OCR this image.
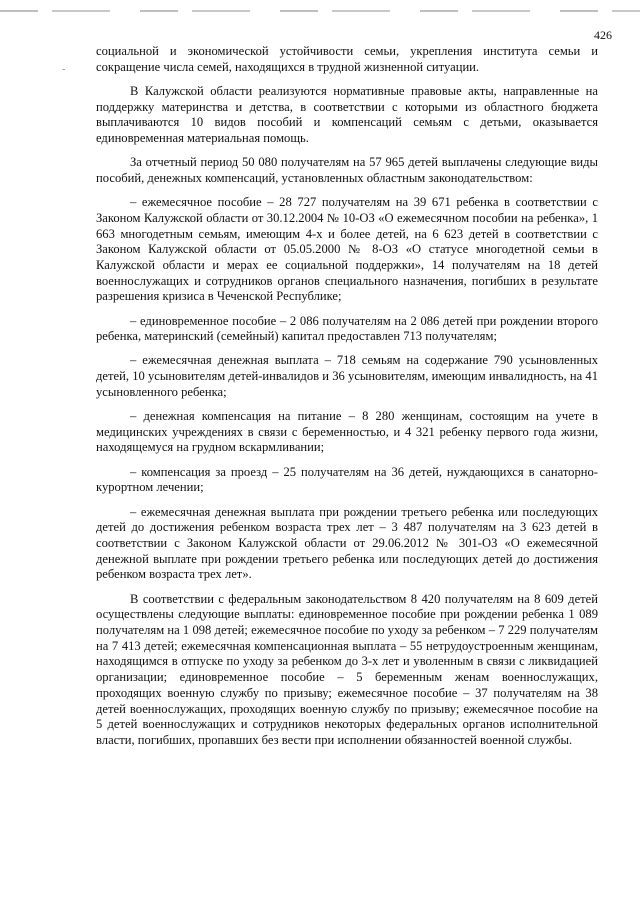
-
426

социальной и экономической устойчивости семьи, укрепления института семьи и сокращение числа семей, находящихся в трудной жизненной ситуации.

В Калужской области реализуются нормативные правовые акты, направленные на поддержку материнства и детства, в соответствии с которыми из областного бюджета выплачиваются 10 видов пособий и компенсаций семьям с детьми, оказывается единовременная материальная помощь.

За отчетный период 50 080 получателям на 57 965 детей выплачены следующие виды пособий, денежных компенсаций, установленных областным законодательством:

– ежемесячное пособие – 28 727 получателям на 39 671 ребенка в соответствии с Законом Калужской области от 30.12.2004 № 10-ОЗ «О ежемесячном пособии на ребенка», 1 663 многодетным семьям, имеющим 4-х и более детей, на 6 623 детей в соответствии с Законом Калужской области от 05.05.2000 № 8-ОЗ «О статусе многодетной семьи в Калужской области и мерах ее социальной поддержки», 14 получателям на 18 детей военнослужащих и сотрудников органов специального назначения, погибших в результате разрешения кризиса в Чеченской Республике;

– единовременное пособие – 2 086 получателям на 2 086 детей при рождении второго ребенка, материнский (семейный) капитал предоставлен 713 получателям;

– ежемесячная денежная выплата – 718 семьям на содержание 790 усыновленных детей, 10 усыновителям детей-инвалидов и 36 усыновителям, имеющим инвалидность, на 41 усыновленного ребенка;

– денежная компенсация на питание – 8 280 женщинам, состоящим на учете в медицинских учреждениях в связи с беременностью, и 4 321 ребенку первого года жизни, находящемуся на грудном вскармливании;

– компенсация за проезд – 25 получателям на 36 детей, нуждающихся в санаторно-курортном лечении;

– ежемесячная денежная выплата при рождении третьего ребенка или последующих детей до достижения ребенком возраста трех лет – 3 487 получателям на 3 623 детей в соответствии с Законом Калужской области от 29.06.2012 № 301-ОЗ «О ежемесячной денежной выплате при рождении третьего ребенка или последующих детей до достижения ребенком возраста трех лет».

В соответствии с федеральным законодательством 8 420 получателям на 8 609 детей осуществлены следующие выплаты: единовременное пособие при рождении ребенка 1 089 получателям на 1 098 детей; ежемесячное пособие по уходу за ребенком – 7 229 получателям на 7 413 детей; ежемесячная компенсационная выплата – 55 нетрудоустроенным женщинам, находящимся в отпуске по уходу за ребенком до 3-х лет и уволенным в связи с ликвидацией организации; единовременное пособие – 5 беременным женам военнослужащих, проходящих военную службу по призыву; ежемесячное пособие – 37 получателям на 38 детей военнослужащих, проходящих военную службу по призыву; ежемесячное пособие на 5 детей военнослужащих и сотрудников некоторых федеральных органов исполнительной власти, погибших, пропавших без вести при исполнении обязанностей военной службы.
